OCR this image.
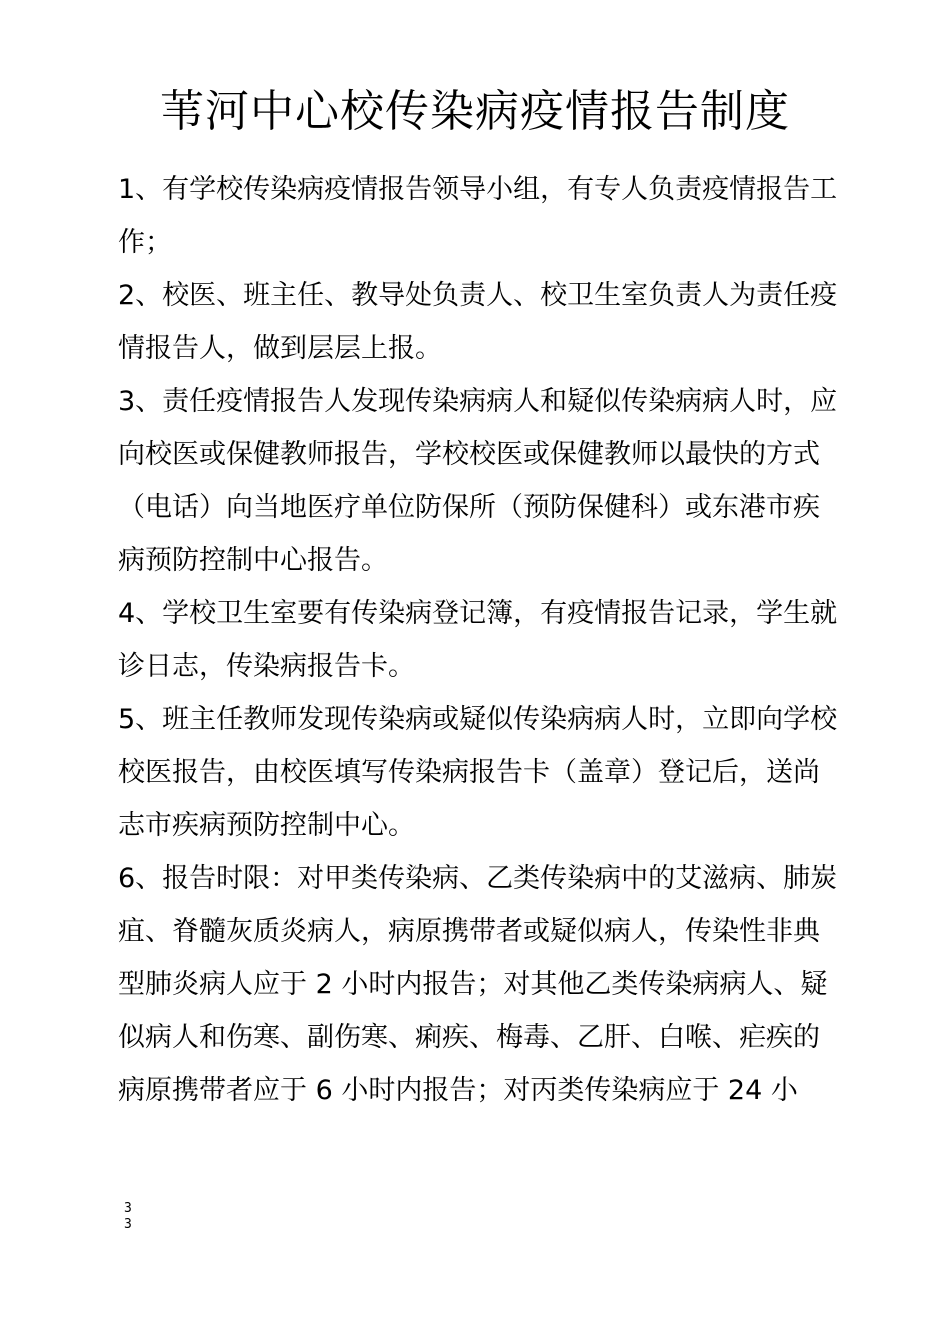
苇河中心校传染病疫情报告制度
1、有学校传染病疫情报告领导小组，有专人负责疫情报告工
作；
2、校医、班主任、教导处负责人、校卫生室负责人为责任疫
情报告人，做到层层上报。
3、责任疫情报告人发现传染病病人和疑似传染病病人时，应
向校医或保健教师报告，学校校医或保健教师以最快的方式
（电话）向当地医疗单位防保所（预防保健科）或东港市疾
病预防控制中心报告。
4、学校卫生室要有传染病登记簿，有疫情报告记录，学生就
诊日志，传染病报告卡。
5、班主任教师发现传染病或疑似传染病病人时，立即向学校
校医报告，由校医填写传染病报告卡（盖章）登记后，送尚
志市疾病预防控制中心。
6、报告时限：对甲类传染病、乙类传染病中的艾滋病、肺炭
疽、脊髓灰质炎病人，病原携带者或疑似病人，传染性非典
型肺炎病人应于 2 小时内报告；对其他乙类传染病病人、疑
似病人和伤寒、副伤寒、痢疾、梅毒、乙肝、白喉、疟疾的
病原携带者应于 6 小时内报告；对丙类传染病应于 24 小
3
3
